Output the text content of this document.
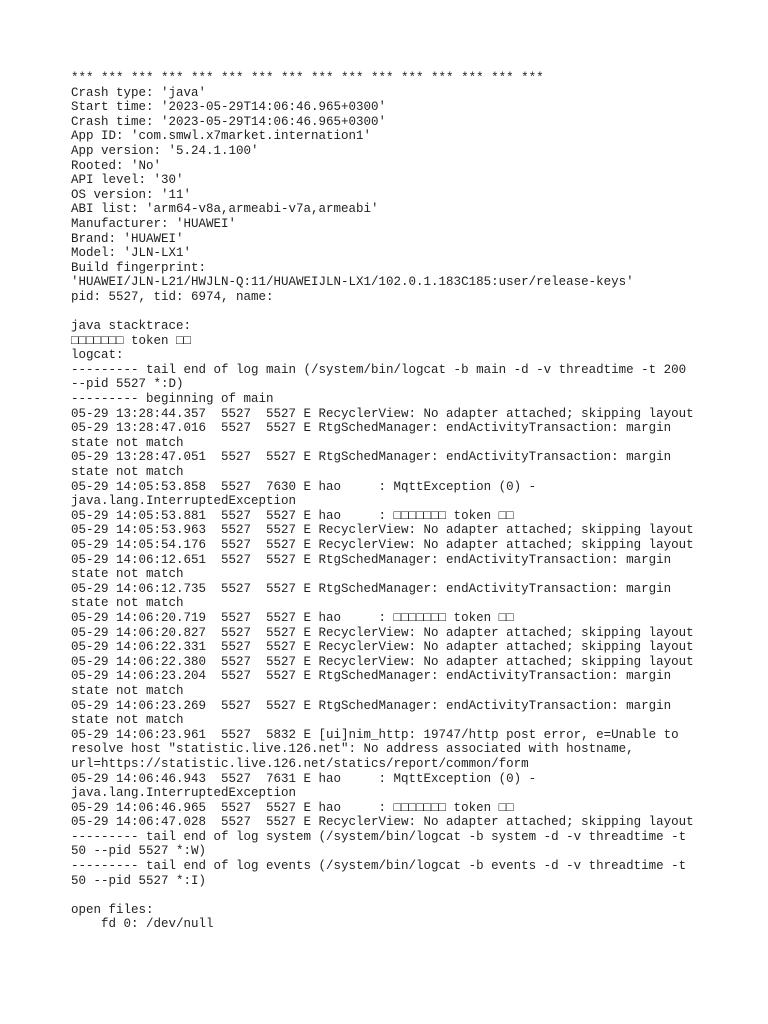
*** *** *** *** *** *** *** *** *** *** *** *** *** *** *** ***
Crash type: 'java'
Start time: '2023-05-29T14:06:46.965+0300'
Crash time: '2023-05-29T14:06:46.965+0300'
App ID: 'com.smwl.x7market.internation1'
App version: '5.24.1.100'
Rooted: 'No'
API level: '30'
OS version: '11'
ABI list: 'arm64-v8a,armeabi-v7a,armeabi'
Manufacturer: 'HUAWEI'
Brand: 'HUAWEI'
Model: 'JLN-LX1'
Build fingerprint:
'HUAWEI/JLN-L21/HWJLN-Q:11/HUAWEIJLN-LX1/102.0.1.183C185:user/release-keys'
pid: 5527, tid: 6974, name:
java stacktrace:
□□□□□□□ token □□
logcat:
--------- tail end of log main (/system/bin/logcat -b main -d -v threadtime -t 200
--pid 5527 *:D)
--------- beginning of main
05-29 13:28:44.357  5527  5527 E RecyclerView: No adapter attached; skipping layout
05-29 13:28:47.016  5527  5527 E RtgSchedManager: endActivityTransaction: margin
state not match
05-29 13:28:47.051  5527  5527 E RtgSchedManager: endActivityTransaction: margin
state not match
05-29 14:05:53.858  5527  7630 E hao     : MqttException (0) -
java.lang.InterruptedException
05-29 14:05:53.881  5527  5527 E hao     : □□□□□□□ token □□
05-29 14:05:53.963  5527  5527 E RecyclerView: No adapter attached; skipping layout
05-29 14:05:54.176  5527  5527 E RecyclerView: No adapter attached; skipping layout
05-29 14:06:12.651  5527  5527 E RtgSchedManager: endActivityTransaction: margin
state not match
05-29 14:06:12.735  5527  5527 E RtgSchedManager: endActivityTransaction: margin
state not match
05-29 14:06:20.719  5527  5527 E hao     : □□□□□□□ token □□
05-29 14:06:20.827  5527  5527 E RecyclerView: No adapter attached; skipping layout
05-29 14:06:22.331  5527  5527 E RecyclerView: No adapter attached; skipping layout
05-29 14:06:22.380  5527  5527 E RecyclerView: No adapter attached; skipping layout
05-29 14:06:23.204  5527  5527 E RtgSchedManager: endActivityTransaction: margin
state not match
05-29 14:06:23.269  5527  5527 E RtgSchedManager: endActivityTransaction: margin
state not match
05-29 14:06:23.961  5527  5832 E [ui]nim_http: 19747/http post error, e=Unable to
resolve host "statistic.live.126.net": No address associated with hostname,
url=https://statistic.live.126.net/statics/report/common/form
05-29 14:06:46.943  5527  7631 E hao     : MqttException (0) -
java.lang.InterruptedException
05-29 14:06:46.965  5527  5527 E hao     : □□□□□□□ token □□
05-29 14:06:47.028  5527  5527 E RecyclerView: No adapter attached; skipping layout
--------- tail end of log system (/system/bin/logcat -b system -d -v threadtime -t
50 --pid 5527 *:W)
--------- tail end of log events (/system/bin/logcat -b events -d -v threadtime -t
50 --pid 5527 *:I)
open files:
fd 0: /dev/null
